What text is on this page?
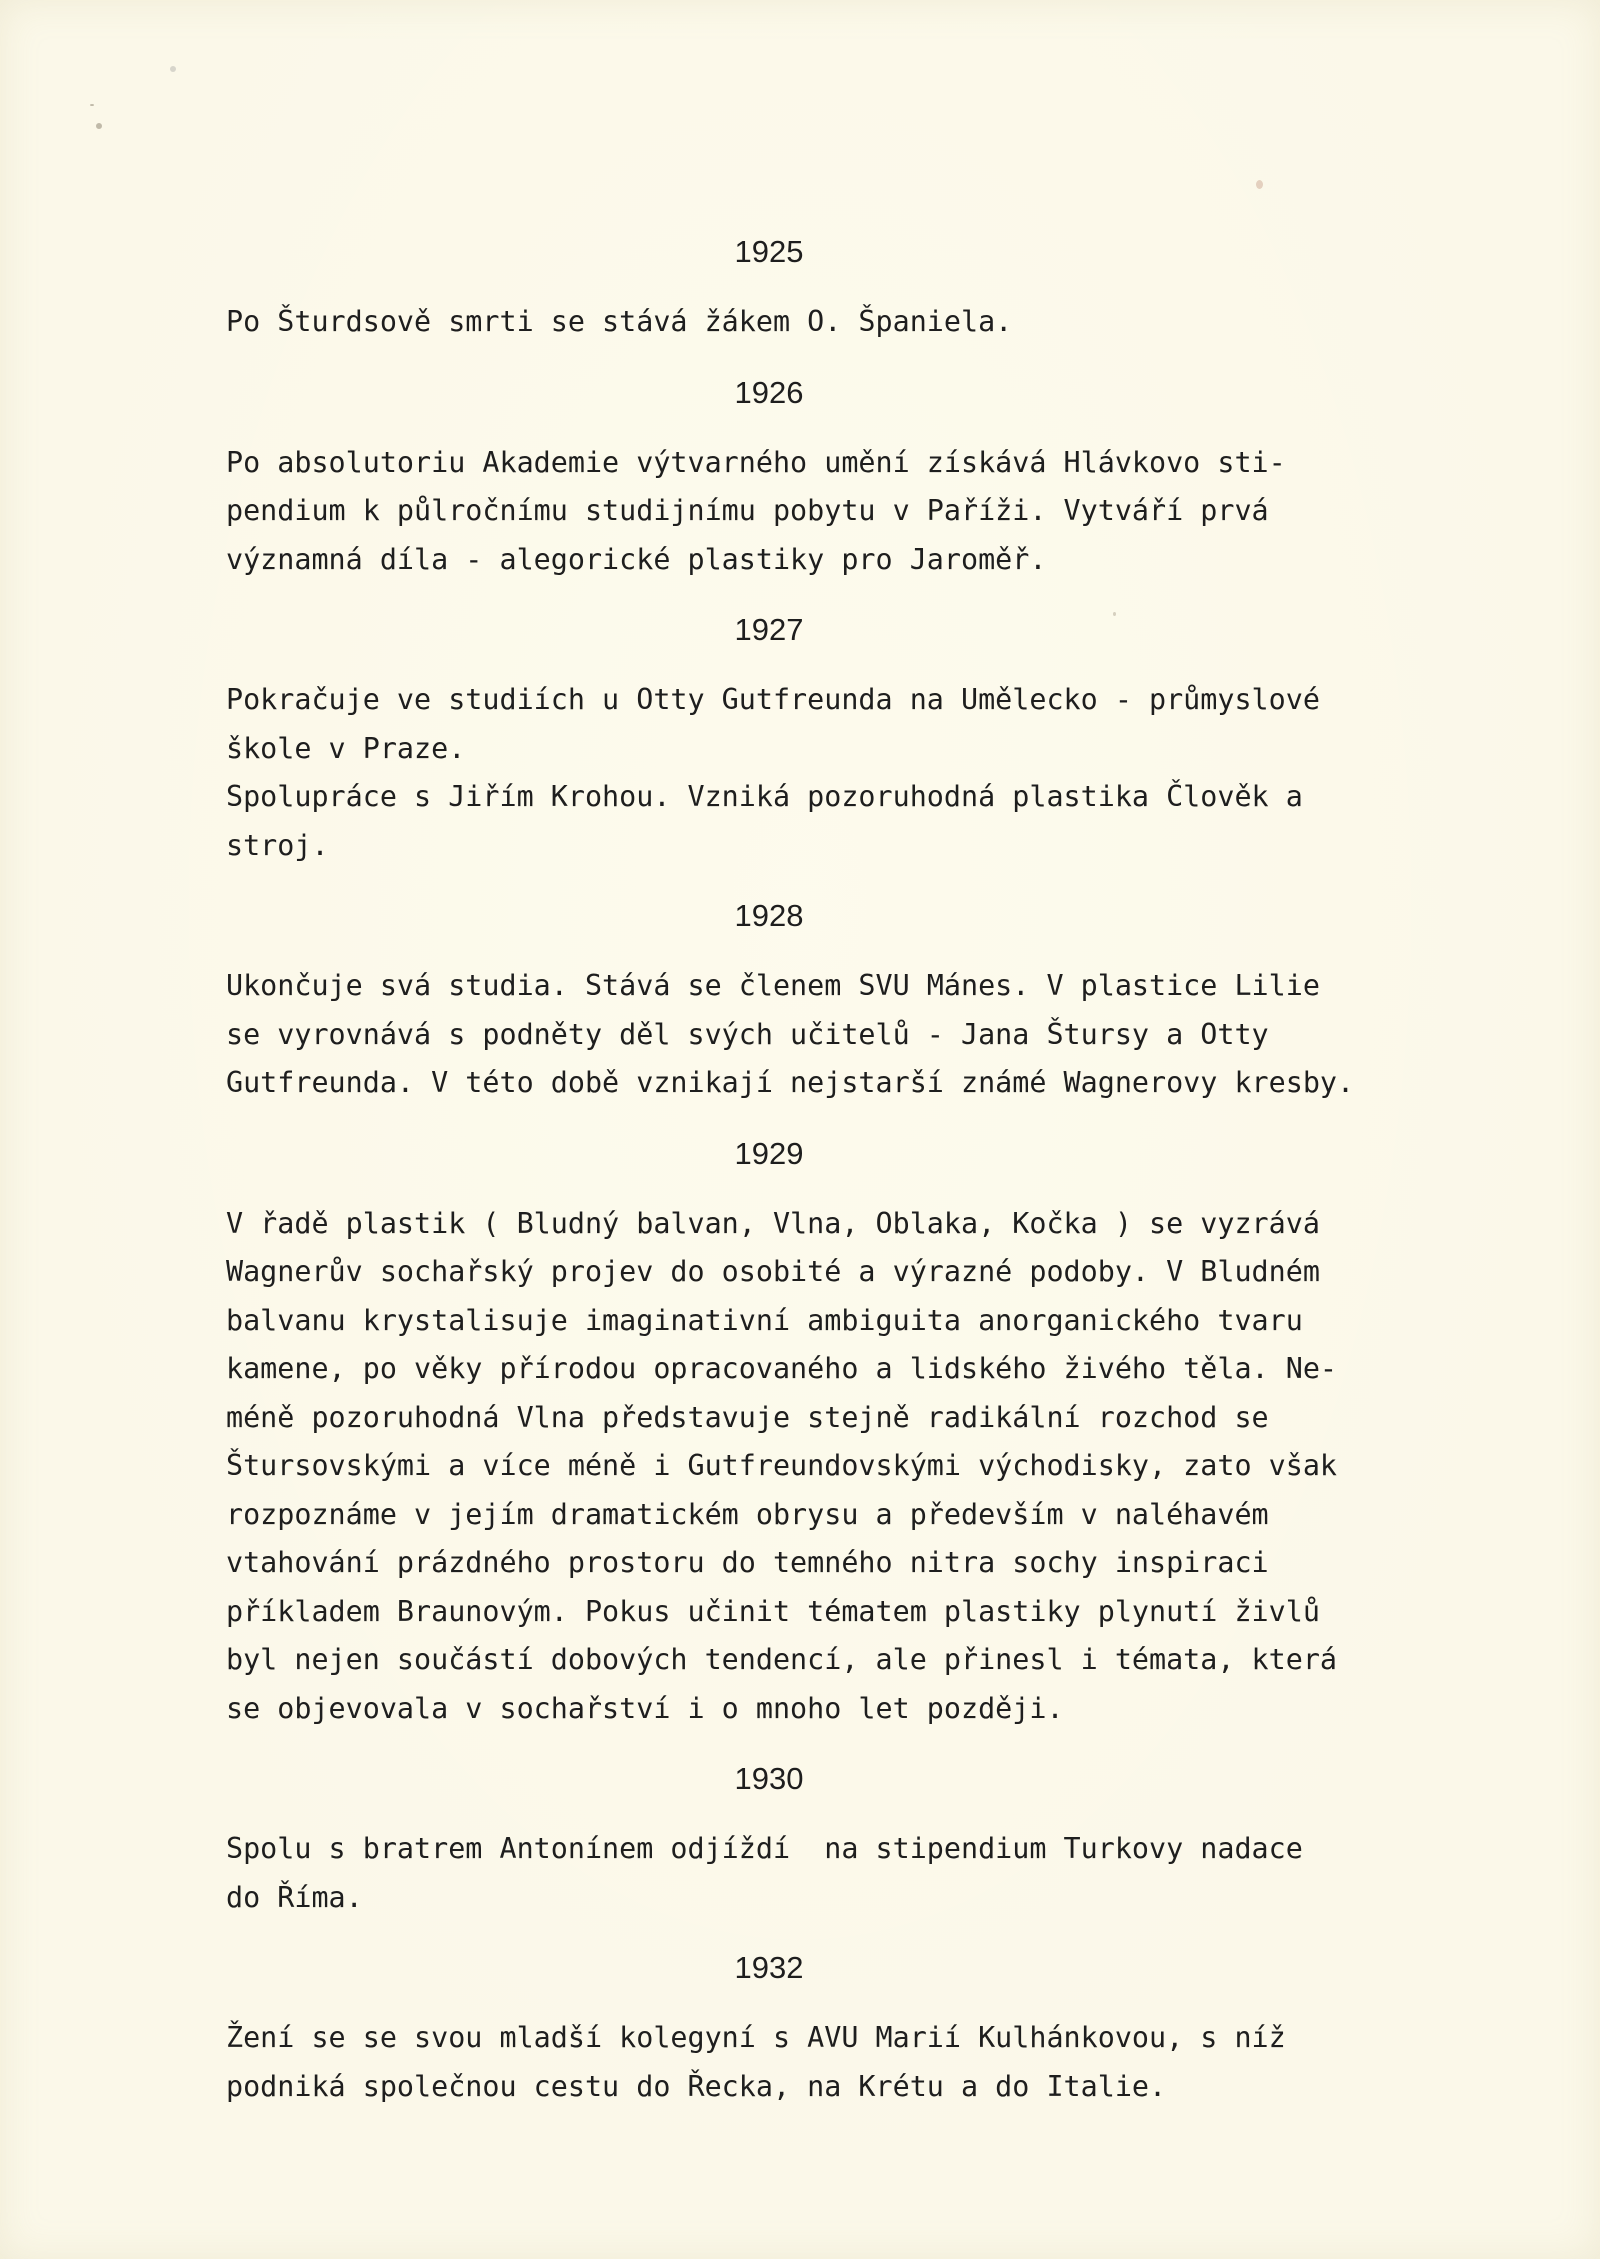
1925
Po Šturdsově smrti se stává žákem O. Španiela.
1926
Po absolutoriu Akademie výtvarného umění získává Hlávkovo sti-
pendium k půlročnímu studijnímu pobytu v Paříži. Vytváří prvá
významná díla - alegorické plastiky pro Jaroměř.
1927
Pokračuje ve studiích u Otty Gutfreunda na Umělecko - průmyslové
škole v Praze.
Spolupráce s Jiřím Krohou. Vzniká pozoruhodná plastika Člověk a
stroj.
1928
Ukončuje svá studia. Stává se členem SVU Mánes. V plastice Lilie
se vyrovnává s podněty děl svých učitelů - Jana Štursy a Otty
Gutfreunda. V této době vznikají nejstarší známé Wagnerovy kresby.
1929
V řadě plastik ( Bludný balvan, Vlna, Oblaka, Kočka ) se vyzrává
Wagnerův sochařský projev do osobité a výrazné podoby. V Bludném
balvanu krystalisuje imaginativní ambiguita anorganického tvaru
kamene, po věky přírodou opracovaného a lidského živého těla. Ne-
méně pozoruhodná Vlna představuje stejně radikální rozchod se
Štursovskými a více méně i Gutfreundovskými východisky, zato však
rozpoznáme v jejím dramatickém obrysu a především v naléhavém
vtahování prázdného prostoru do temného nitra sochy inspiraci
příkladem Braunovým. Pokus učinit tématem plastiky plynutí živlů
byl nejen součástí dobových tendencí, ale přinesl i témata, která
se objevovala v sochařství i o mnoho let později.
1930
Spolu s bratrem Antonínem odjíždí  na stipendium Turkovy nadace
do Říma.
1932
Žení se se svou mladší kolegyní s AVU Marií Kulhánkovou, s níž
podniká společnou cestu do Řecka, na Krétu a do Italie.
